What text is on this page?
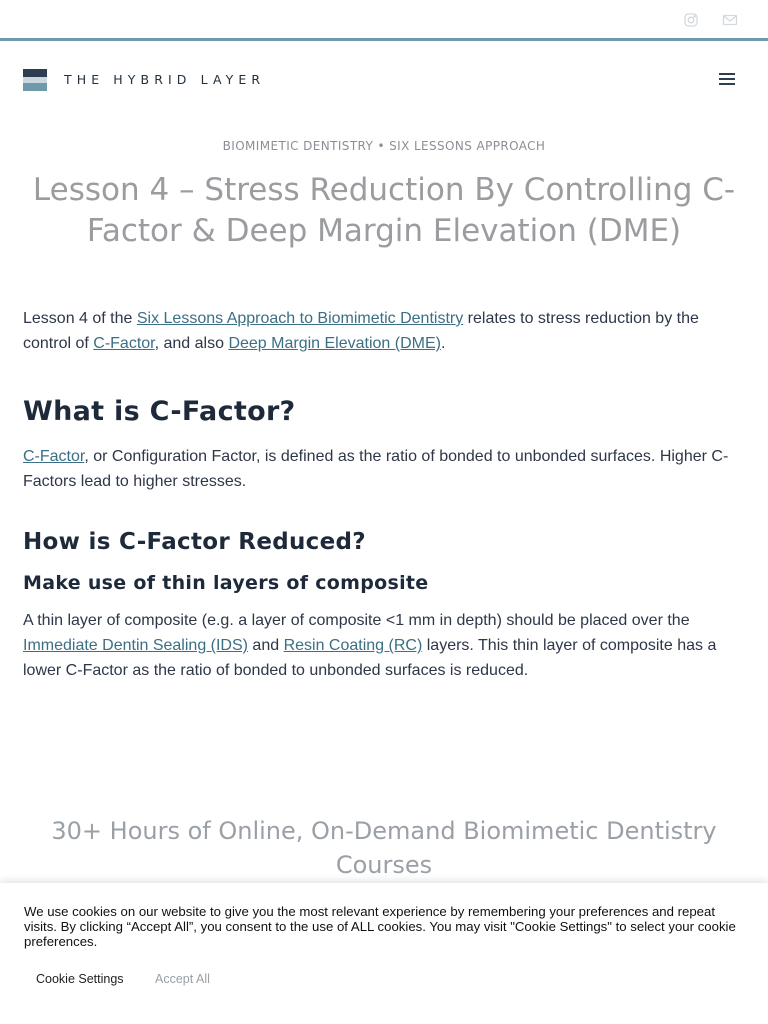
THE HYBRID LAYER
BIOMIMETIC DENTISTRY • SIX LESSONS APPROACH
Lesson 4 – Stress Reduction By Controlling C-Factor & Deep Margin Elevation (DME)

Lesson 4 of the Six Lessons Approach to Biomimetic Dentistry relates to stress reduction by the control of C-Factor, and also Deep Margin Elevation (DME).

What is C-Factor?

C-Factor, or Configuration Factor, is defined as the ratio of bonded to unbonded surfaces. Higher C-Factors lead to higher stresses.

How is C-Factor Reduced?
Make use of thin layers of composite

A thin layer of composite (e.g. a layer of composite <1 mm in depth) should be placed over the Immediate Dentin Sealing (IDS) and Resin Coating (RC) layers. This thin layer of composite has a lower C-Factor as the ratio of bonded to unbonded surfaces is reduced.

30+ Hours of Online, On-Demand Biomimetic Dentistry Courses

We use cookies on our website to give you the most relevant experience by remembering your preferences and repeat visits. By clicking “Accept All”, you consent to the use of ALL cookies. You may visit "Cookie Settings" to select your cookie preferences.

Cookie Settings	Accept All
